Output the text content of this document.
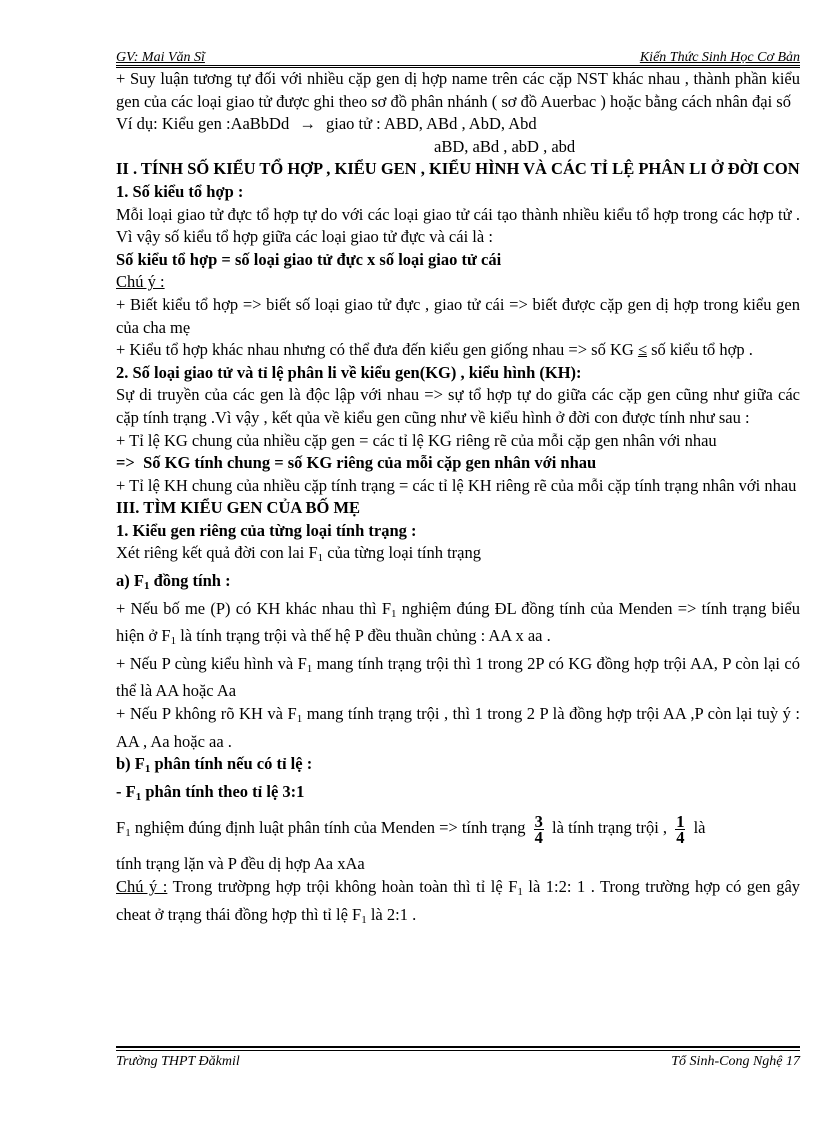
GV: Mai Văn Sĩ	Kiến Thức Sinh Học Cơ Bản

+ Suy luận tương tự đối với nhiều cặp gen dị hợp name trên các cặp NST khác nhau , thành phần kiểu gen của các loại giao tử được ghi theo sơ đồ phân nhánh ( sơ đồ Auerbac ) hoặc bằng cách nhân đại số

Ví dụ: Kiểu gen :AaBbDd → giao tử : ABD, ABd , AbD, Abd

aBD, aBd , abD , abd

II . TÍNH SỐ KIỂU TỔ HỢP , KIỂU GEN , KIỂU HÌNH VÀ CÁC TỈ LỆ PHÂN LI Ở ĐỜI CON

1. Số kiểu tổ hợp :

Mỗi loại giao tử đực tổ hợp tự do với các loại giao tử cái tạo thành nhiều kiểu tổ hợp trong các hợp tử . Vì vậy số kiểu tổ hợp giữa các loại giao tử đực và cái là :

Số kiểu tổ hợp = số loại giao tử đực x số loại giao tử cái

Chú ý :

+ Biết kiểu tổ hợp => biết số loại giao tử đực , giao tử cái => biết được cặp gen dị hợp trong kiểu gen của cha mẹ

+ Kiểu tổ hợp khác nhau nhưng có thể đưa đến kiểu gen giống nhau => số KG ≤ số kiểu tổ hợp .

2. Số loại giao tử và tỉ lệ phân li về kiểu gen(KG) , kiểu hình (KH):

Sự di truyền của các gen là độc lập với nhau => sự tổ hợp tự do giữa các cặp gen cũng như giữa các cặp tính trạng .Vì vậy , kết qủa về kiểu gen cũng như về kiểu hình ở đời con được tính như sau :

+ Tỉ lệ KG chung của nhiều cặp gen = các tỉ lệ KG riêng rẽ của mỗi cặp gen nhân với nhau

=> Số KG tính chung = số KG riêng của mỗi cặp gen nhân với nhau

+ Tỉ lệ KH chung của nhiều cặp tính trạng = các tỉ lệ KH riêng rẽ của mỗi cặp tính trạng nhân với nhau

III. TÌM KIỂU GEN CỦA BỐ MẸ

1. Kiểu gen riêng của từng loại tính trạng :

Xét riêng kết quả đời con lai $F_1$ của từng loại tính trạng

a) $F_1$ đồng tính :

+ Nếu bố me (P) có KH khác nhau thì $F_1$ nghiệm đúng ĐL đồng tính của Menden => tính trạng biểu hiện ở $F_1$ là tính trạng trội và thế hệ P đều thuần chủng : AA x aa .

+ Nếu P cùng kiểu hình và $F_1$ mang tính trạng trội thì 1 trong 2P có KG đồng hợp trội AA, P còn lại có thể là AA hoặc Aa

+ Nếu P không rõ KH và $F_1$ mang tính trạng trội , thì 1 trong 2 P là đồng hợp trội AA ,P còn lại tuỳ ý : AA , Aa hoặc aa .

b) $F_1$ phân tính nếu có tỉ lệ :

- $F_1$ phân tính theo tỉ lệ 3:1

$F_1$ nghiệm đúng định luật phân tính của Menden => tính trạng $\frac{3}{4}$ là tính trạng trội , $\frac{1}{4}$ là

tính trạng lặn và P đều dị hợp Aa xAa

Chú ý : Trong trườpng hợp trội không hoàn toàn thì tỉ lệ $F_1$ là 1:2: 1 . Trong trường hợp có gen gây cheat ở trạng thái đồng hợp thì tỉ lệ $F_1$ là 2:1 .

Trường THPT Đăkmil	Tổ Sinh-Cong Nghệ 17
